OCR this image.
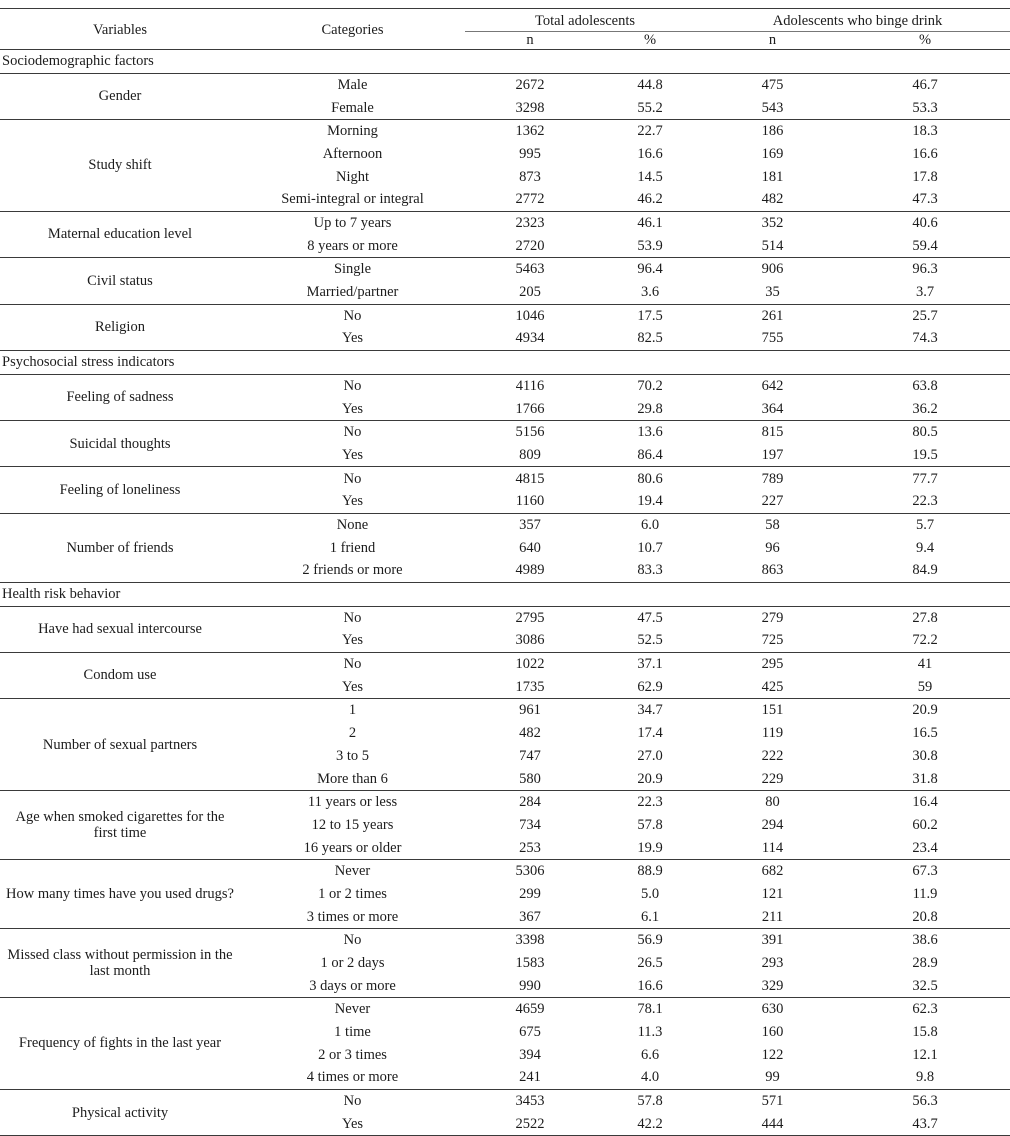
Variables	Categories	Total adolescents		Adolescents who binge drink	
		n	%	n	%
Sociodemographic factors					
Gender	Male	2672	44.8	475	46.7
	Female	3298	55.2	543	53.3
Study shift	Morning	1362	22.7	186	18.3
	Afternoon	995	16.6	169	16.6
	Night	873	14.5	181	17.8
	Semi-integral or integral	2772	46.2	482	47.3
Maternal education level	Up to 7 years	2323	46.1	352	40.6
	8 years or more	2720	53.9	514	59.4
Civil status	Single	5463	96.4	906	96.3
	Married/partner	205	3.6	35	3.7
Religion	No	1046	17.5	261	25.7
	Yes	4934	82.5	755	74.3
Psychosocial stress indicators					
Feeling of sadness	No	4116	70.2	642	63.8
	Yes	1766	29.8	364	36.2
Suicidal thoughts	No	5156	13.6	815	80.5
	Yes	809	86.4	197	19.5
Feeling of loneliness	No	4815	80.6	789	77.7
	Yes	1160	19.4	227	22.3
Number of friends	None	357	6.0	58	5.7
	1 friend	640	10.7	96	9.4
	2 friends or more	4989	83.3	863	84.9
Health risk behavior					
Have had sexual intercourse	No	2795	47.5	279	27.8
	Yes	3086	52.5	725	72.2
Condom use	No	1022	37.1	295	41
	Yes	1735	62.9	425	59
Number of sexual partners	1	961	34.7	151	20.9
	2	482	17.4	119	16.5
	3 to 5	747	27.0	222	30.8
	More than 6	580	20.9	229	31.8
Age when smoked cigarettes for the first time	11 years or less	284	22.3	80	16.4
	12 to 15 years	734	57.8	294	60.2
	16 years or older	253	19.9	114	23.4
How many times have you used drugs?	Never	5306	88.9	682	67.3
	1 or 2 times	299	5.0	121	11.9
	3 times or more	367	6.1	211	20.8
Missed class without permission in the last month	No	3398	56.9	391	38.6
	1 or 2 days	1583	26.5	293	28.9
	3 days or more	990	16.6	329	32.5
Frequency of fights in the last year	Never	4659	78.1	630	62.3
	1 time	675	11.3	160	15.8
	2 or 3 times	394	6.6	122	12.1
	4 times or more	241	4.0	99	9.8
Physical activity	No	3453	57.8	571	56.3
	Yes	2522	42.2	444	43.7
